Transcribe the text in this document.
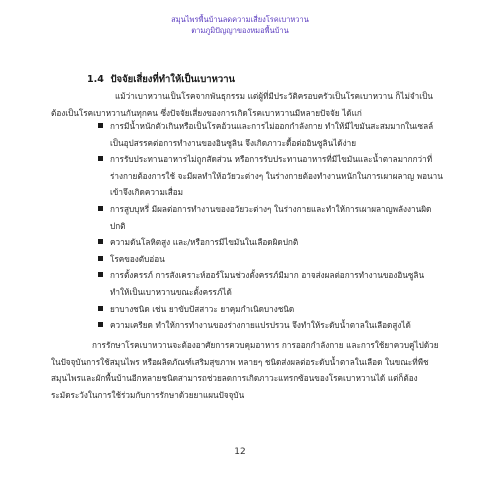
สมุนไพรพื้นบ้านลดความเสี่ยงโรคเบาหวาน
ตามภูมิปัญญาของหมอพื้นบ้าน
1.4 ปัจจัยเสี่ยงที่ทำให้เป็นเบาหวาน
แม้ว่าเบาหวานเป็นโรคจากพันธุกรรม แต่ผู้ที่มีประวัติครอบครัวเป็นโรคเบาหวาน ก็ไม่จำเป็นต้องเป็นโรคเบาหวานกันทุกคน ซึ่งปัจจัยเสี่ยงของการเกิดโรคเบาหวานมีหลายปัจจัย ได้แก่
การมีน้ำหนักตัวเกินหรือเป็นโรคอ้วนและการไม่ออกกำลังกาย ทำให้มีไขมันสะสมมากในเซลล์ เป็นอุปสรรคต่อการทำงานของอินซูลิน จึงเกิดภาวะดื้อต่ออินซูลินได้ง่าย
การรับประทานอาหารไม่ถูกสัดส่วน หรือการรับประทานอาหารที่มีไขมันและน้ำตาลมากกว่าที่ร่างกายต้องการใช้ จะมีผลทำให้อวัยวะต่างๆ ในร่างกายต้องทำงานหนักในการเผาผลาญ พอนานเข้าจึงเกิดความเสื่อม
การสูบบุหรี่ มีผลต่อการทำงานของอวัยวะต่างๆ ในร่างกายและทำให้การเผาผลาญพลังงานผิดปกติ
ความดันโลหิตสูง และ/หรือการมีไขมันในเลือดผิดปกติ
โรคของตับอ่อน
การตั้งครรภ์ การสังเคราะห์ฮอร์โมนช่วงตั้งครรภ์มีมาก อาจส่งผลต่อการทำงานของอินซูลิน ทำให้เป็นเบาหวานขณะตั้งครรภ์ได้
ยาบางชนิด เช่น ยาขับปัสสาวะ ยาคุมกำเนิดบางชนิด
ความเครียด ทำให้การทำงานของร่างกายแปรปรวน จึงทำให้ระดับน้ำตาลในเลือดสูงได้
การรักษาโรคเบาหวานจะต้องอาศัยการควบคุมอาหาร การออกกำลังกาย และการใช้ยาควบคู่ไปด้วย ในปัจจุบันการใช้สมุนไพร หรือผลิตภัณฑ์เสริมสุขภาพ หลายๆ ชนิดส่งผลต่อระดับน้ำตาลในเลือด ในขณะที่พืชสมุนไพรและผักพื้นบ้านอีกหลายชนิดสามารถช่วยลดการเกิดภาวะแทรกซ้อนของโรคเบาหวานได้ แต่ก็ต้องระมัดระวังในการใช้ร่วมกับการรักษาด้วยยาแผนปัจจุบัน
12
